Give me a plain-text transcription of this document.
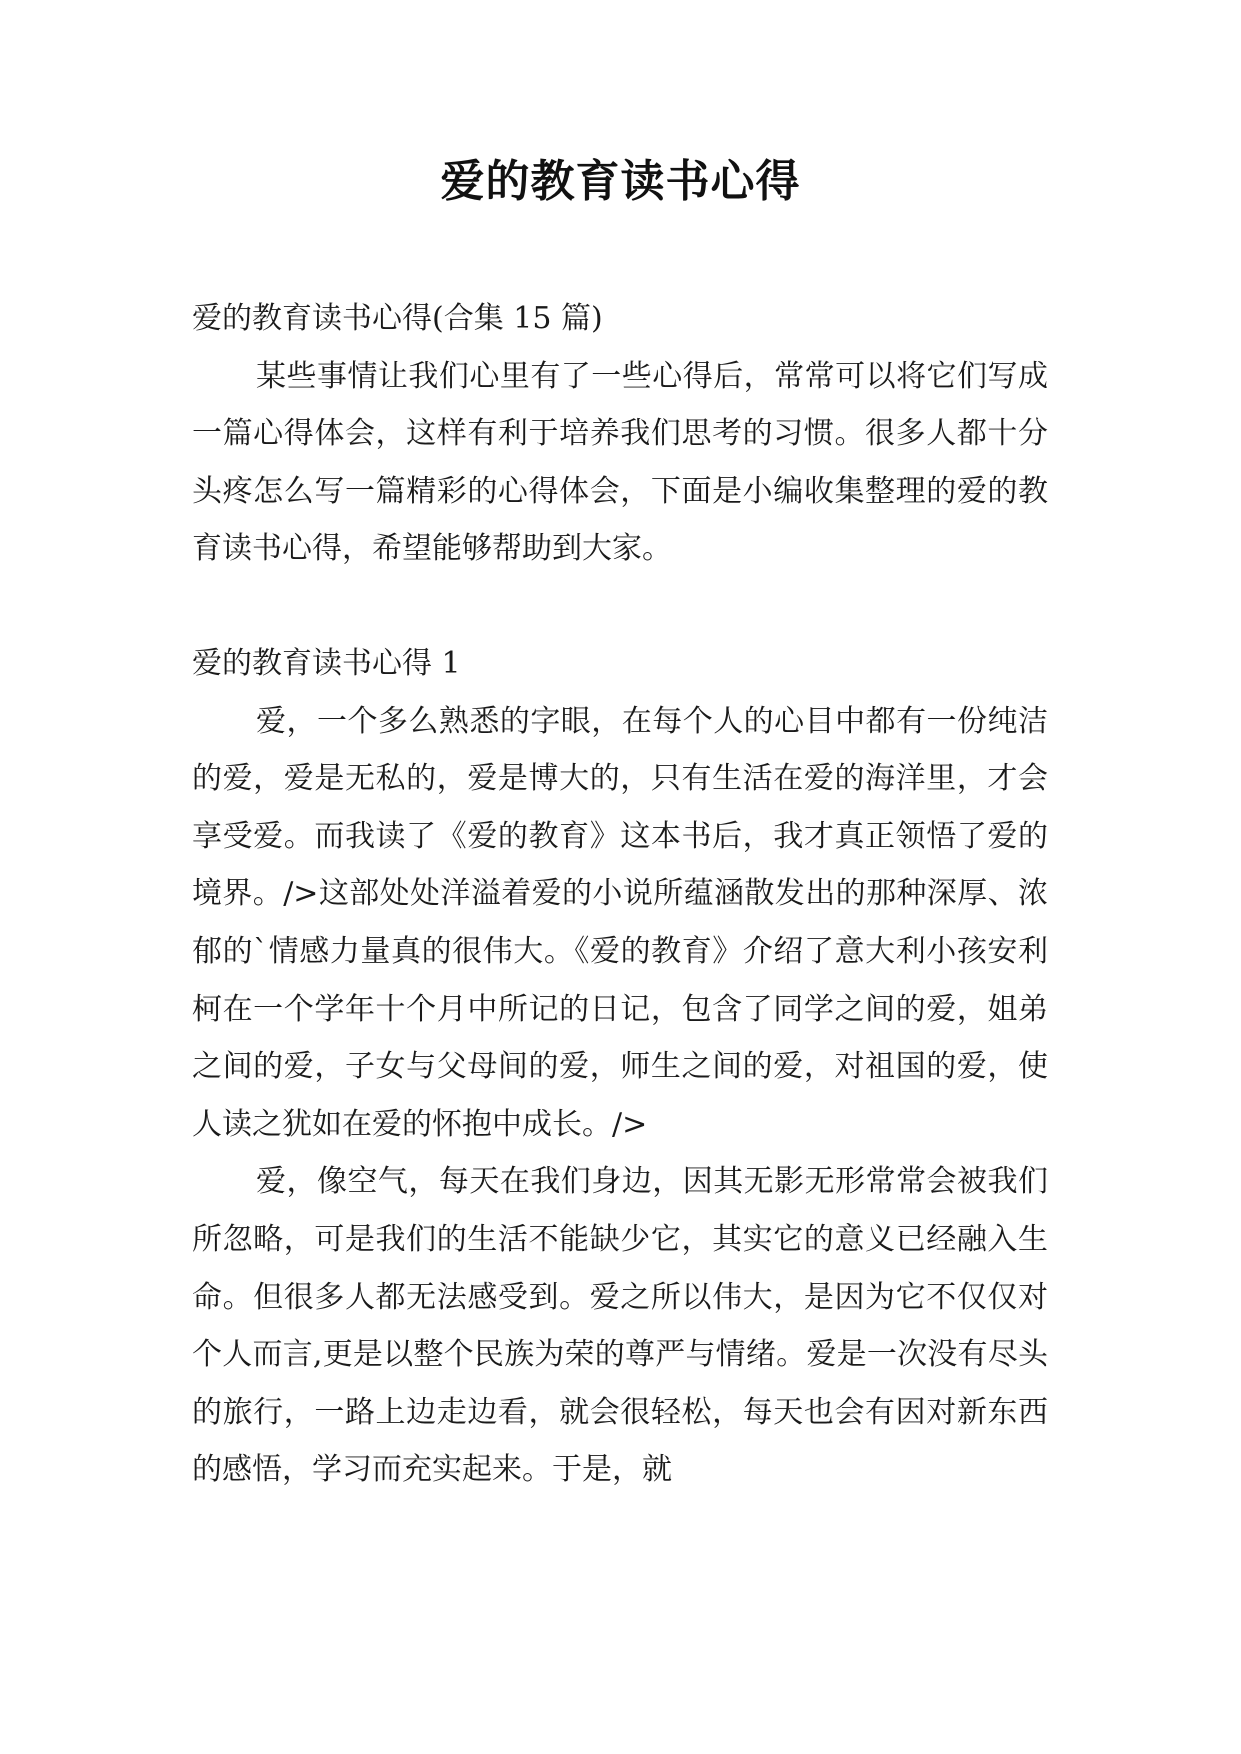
爱的教育读书心得

爱的教育读书心得(合集 15 篇)

某些事情让我们心里有了一些心得后，常常可以将它们写成一篇心得体会，这样有利于培养我们思考的习惯。很多人都十分头疼怎么写一篇精彩的心得体会，下面是小编收集整理的爱的教育读书心得，希望能够帮助到大家。

爱的教育读书心得 1

爱，一个多么熟悉的字眼，在每个人的心目中都有一份纯洁的爱，爱是无私的，爱是博大的，只有生活在爱的海洋里，才会享受爱。而我读了《爱的教育》这本书后，我才真正领悟了爱的境界。/>这部处处洋溢着爱的小说所蕴涵散发出的那种深厚、浓郁的`情感力量真的很伟大。《爱的教育》介绍了意大利小孩安利柯在一个学年十个月中所记的日记，包含了同学之间的爱，姐弟之间的爱，子女与父母间的爱，师生之间的爱，对祖国的爱，使人读之犹如在爱的怀抱中成长。/>

爱，像空气，每天在我们身边，因其无影无形常常会被我们所忽略，可是我们的生活不能缺少它，其实它的意义已经融入生命。但很多人都无法感受到。爱之所以伟大，是因为它不仅仅对个人而言,更是以整个民族为荣的尊严与情绪。爱是一次没有尽头的旅行，一路上边走边看，就会很轻松，每天也会有因对新东西的感悟，学习而充实起来。于是，就
